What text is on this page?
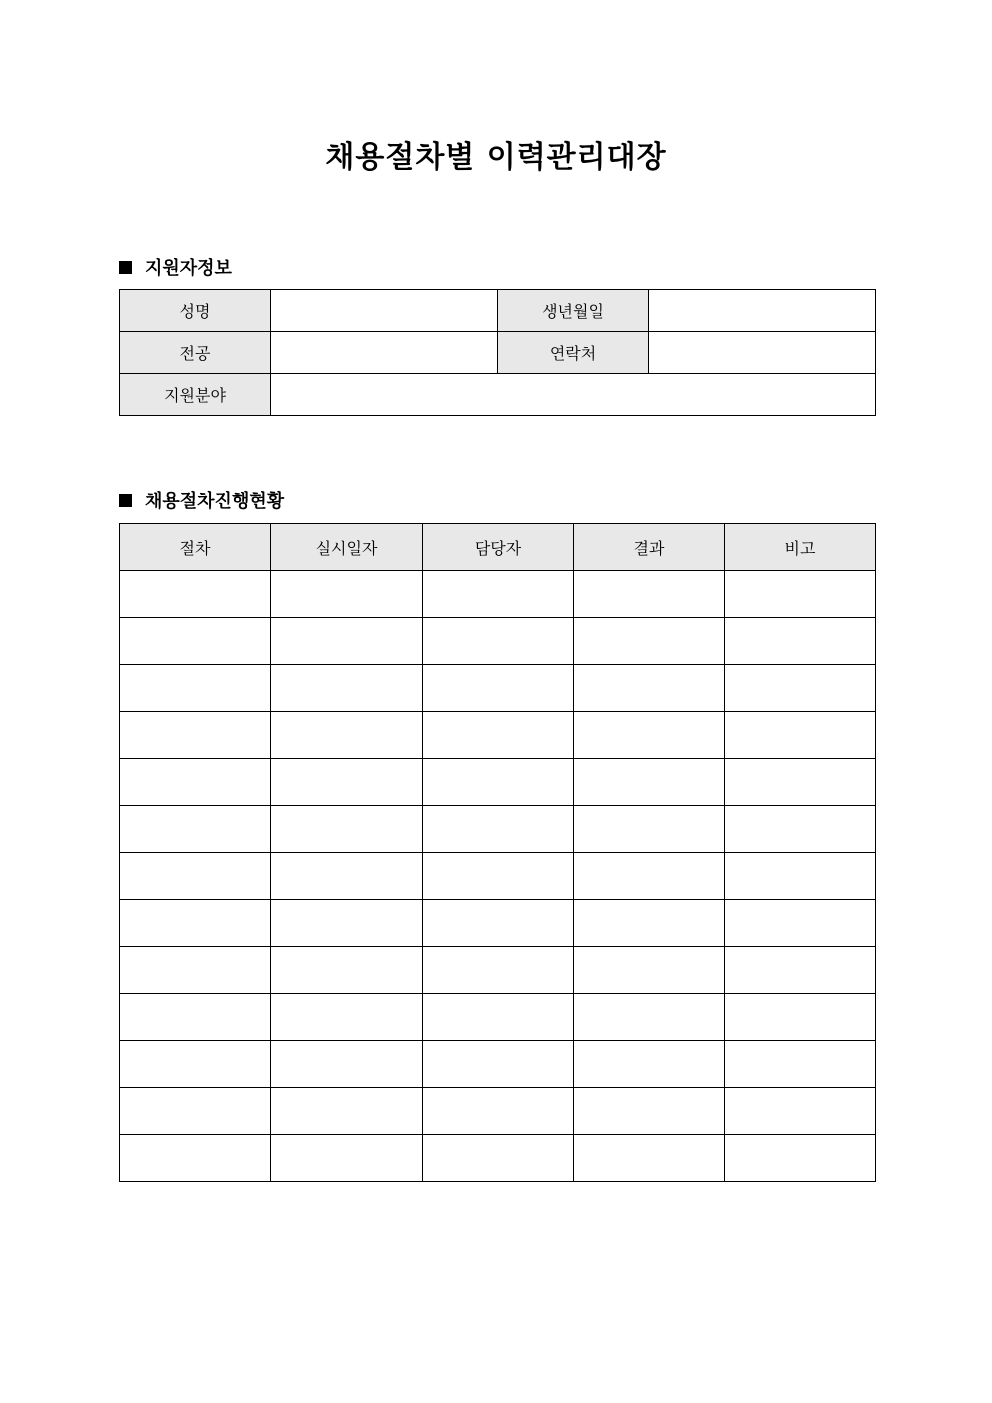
채용절차별 이력관리대장
지원자정보
성명		생년월일	
전공		연락처	
지원분야			
채용절차진행현황
절차	실시일자	담당자	결과	비고
